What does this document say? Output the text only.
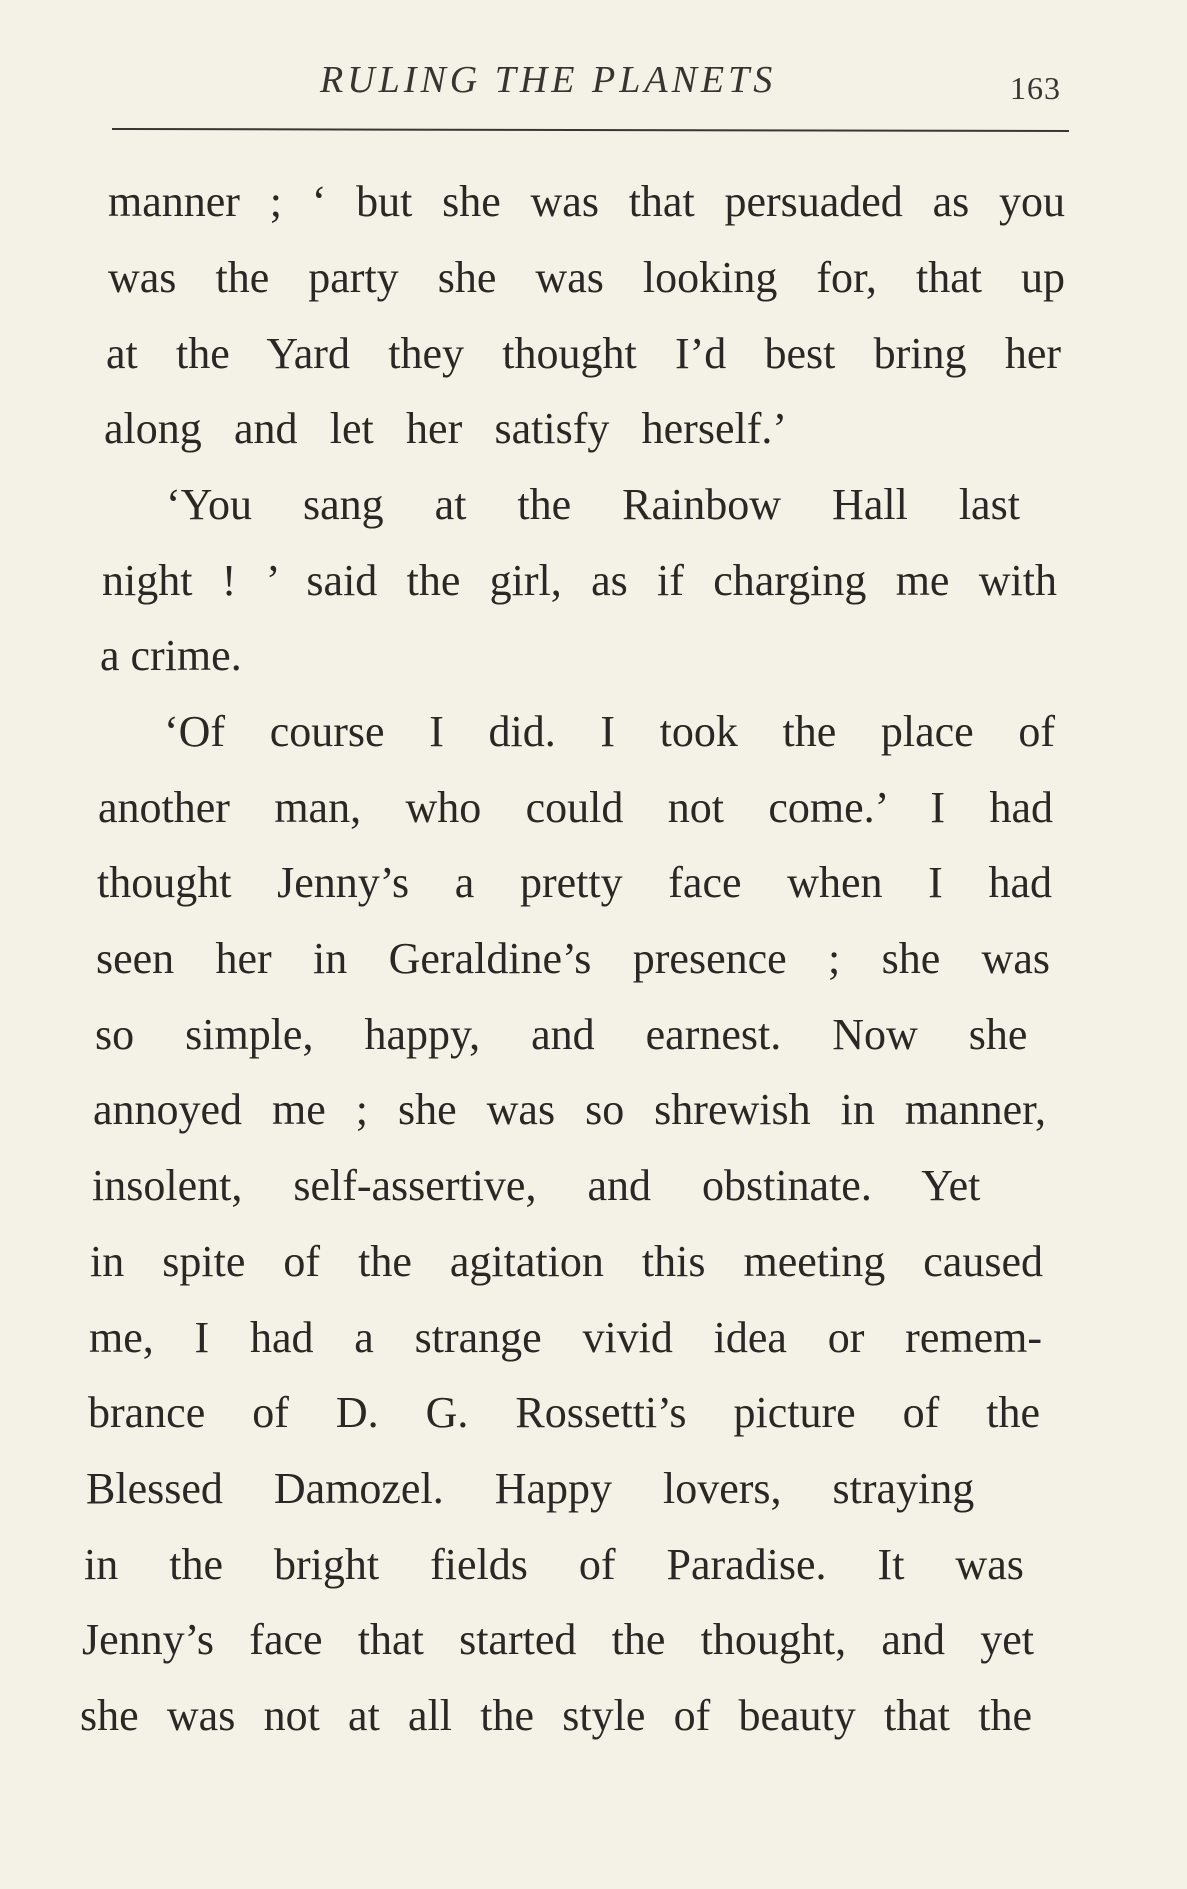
RULING THE PLANETS	163
manner ; ‘ but she was that persuaded as you
was the party she was looking for, that up
at the Yard they thought I’d best bring her
along and let her satisfy herself.’
‘You sang at the Rainbow Hall last
night ! ’ said the girl, as if charging me with
a crime.
‘Of course I did. I took the place of
another man, who could not come.’ I had
thought Jenny’s a pretty face when I had
seen her in Geraldine’s presence ; she was
so simple, happy, and earnest. Now she
annoyed me ; she was so shrewish in manner,
insolent, self-assertive, and obstinate. Yet
in spite of the agitation this meeting caused
me, I had a strange vivid idea or remem-
brance of D. G. Rossetti’s picture of the
Blessed Damozel. Happy lovers, straying
in the bright fields of Paradise. It was
Jenny’s face that started the thought, and yet
she was not at all the style of beauty that the
